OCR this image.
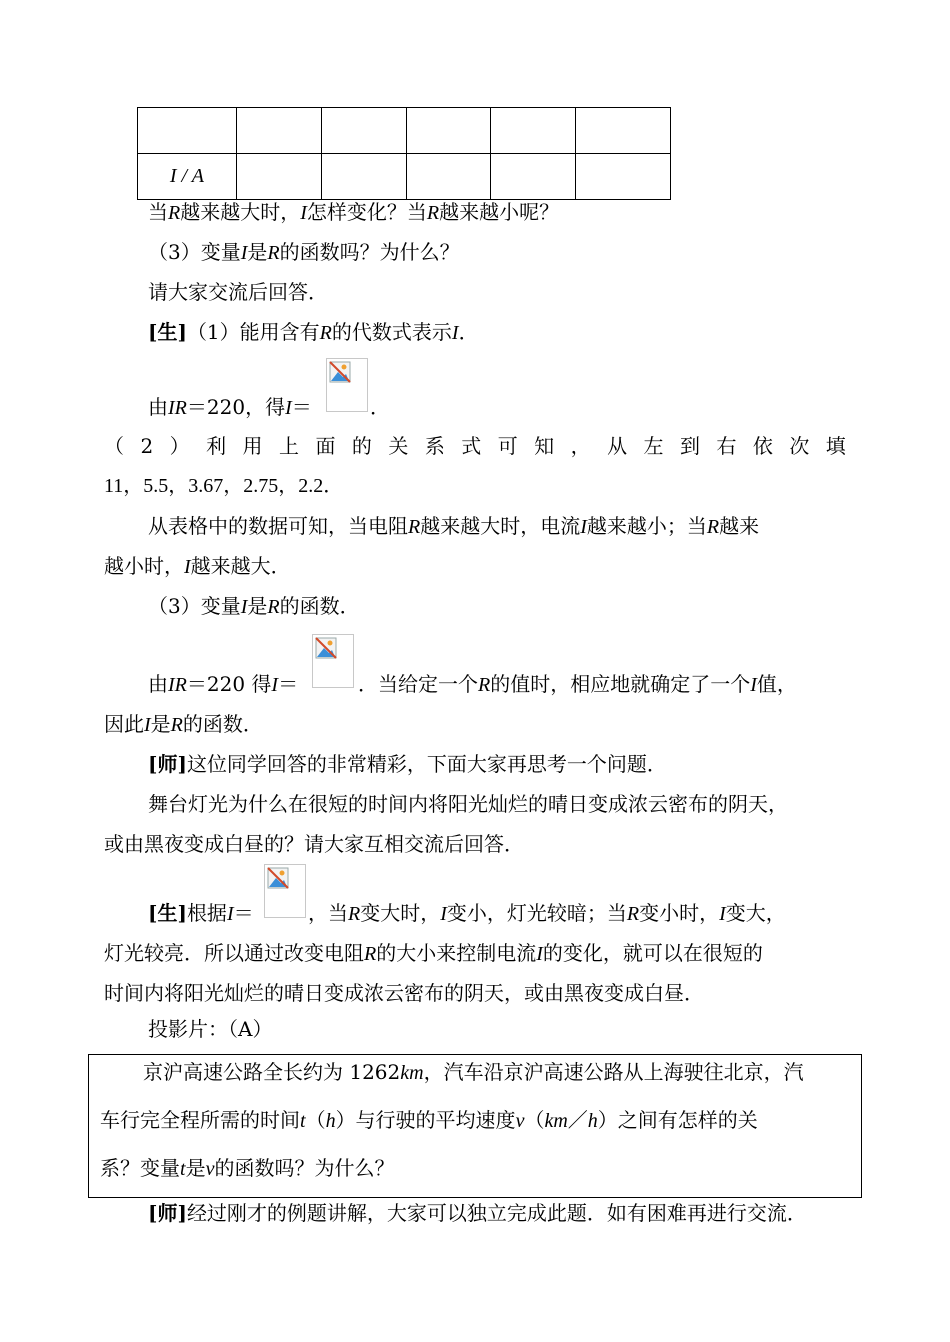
I / A					
当R越来越大时，I怎样变化？当R越来越小呢？
（3）变量I是R的函数吗？为什么？
请大家交流后回答．
[生]（1）能用含有R的代数式表示I．
由IR＝220，得I＝	．
（ 2 ） 利 用 上 面 的 关 系 式 可 知 ， 从 左 到 右 依 次 填
11，5.5，3.67，2.75，2.2．
从表格中的数据可知，当电阻R越来越大时，电流I越来越小；当R越来
越小时，I越来越大．
（3）变量I是R的函数．
由IR＝220 得I＝	．当给定一个R的值时，相应地就确定了一个I值，
因此I是R的函数．
[师]这位同学回答的非常精彩，下面大家再思考一个问题．
舞台灯光为什么在很短的时间内将阳光灿烂的晴日变成浓云密布的阴天，
或由黑夜变成白昼的？请大家互相交流后回答．
[生]根据I＝	，当R变大时，I变小，灯光较暗；当R变小时，I变大，
灯光较亮．所以通过改变电阻R的大小来控制电流I的变化，就可以在很短的
时间内将阳光灿烂的晴日变成浓云密布的阴天，或由黑夜变成白昼．
投影片：（A）
京沪高速公路全长约为 1262km，汽车沿京沪高速公路从上海驶往北京，汽
车行完全程所需的时间t（h）与行驶的平均速度v（km／h）之间有怎样的关
系？变量t是v的函数吗？为什么？
[师]经过刚才的例题讲解，大家可以独立完成此题．如有困难再进行交流．
